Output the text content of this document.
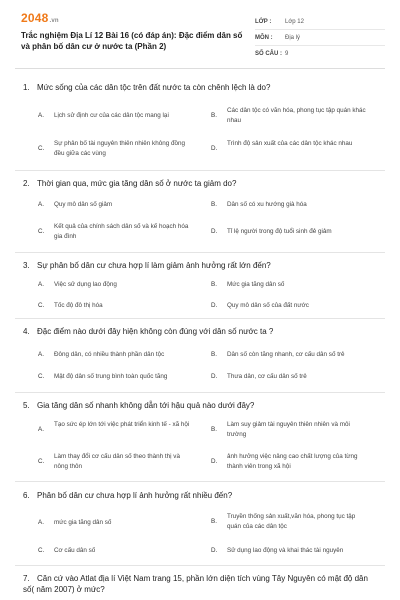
2048.vn
Trắc nghiệm Địa Lí 12 Bài 16 (có đáp án): Đặc điểm dân số và phân bố dân cư ở nước ta (Phần 2)
LỚP :	Lớp 12
MÔN :	Địa lý
SỐ CÂU : 9
1. Mức sống của các dân tộc trên đất nước ta còn chênh lệch là do?
A. Lịch sử định cư của các dân tộc mang lại	B.
Các dân tộc có văn hóa, phong tục tập quán khác nhau
C.
Sự phân bố tài nguyên thiên nhiên không đồng đều giữa các vùng
D.
Trình độ sản xuất của các dân tộc khác nhau
2. Thời gian qua, mức gia tăng dân số ở nước ta giảm do?
A. Quy mô dân số giảm	B. Dân số có xu hướng già hóa
C.
Kết quả của chính sách dân số và kế hoạch hóa gia đình
D. Tỉ lệ người trong độ tuổi sinh đẻ giảm
3. Sự phân bố dân cư chưa hợp lí làm giảm ảnh hưởng rất lớn đến?
A. Việc sử dụng lao động	B. Mức gia tăng dân số
C. Tốc độ đô thị hóa	D. Quy mô dân số của đất nước
4. Đặc điểm nào dưới đây hiện không còn đúng với dân số nước ta ?
A. Đông dân, có nhiều thành phần dân tộc	B. Dân số còn tăng nhanh, cơ cấu dân số trẻ
C. Mật độ dân số trung bình toàn quốc tăng	D. Thưa dân, cơ cấu dân số trẻ
5. Gia tăng dân số nhanh không dẫn tới hậu quả nào dưới đây?
A.
Tạo sức ép lớn tới việc phát triển kinh tế - xã hội
B.
Làm suy giảm tài nguyên thiên nhiên và môi trường
C.
Làm thay đổi cơ cấu dân số theo thành thị và nông thôn
D.
ảnh hưởng việc nâng cao chất lượng của từng thành viên trong xã hội
6. Phân bố dân cư chưa hợp lí ảnh hưởng rất nhiều đến?
A. mức gia tăng dân số	B.
Truyền thống sản xuất,văn hóa, phong tục tập quán của các dân tộc
C. Cơ cấu dân số	D. Sử dụng lao động và khai thác tài nguyên
7. Căn cứ vào Atlat địa lí Việt Nam trang 15, phần lớn diện tích vùng Tây Nguyên có mật độ dân số( năm 2007) ở mức?
